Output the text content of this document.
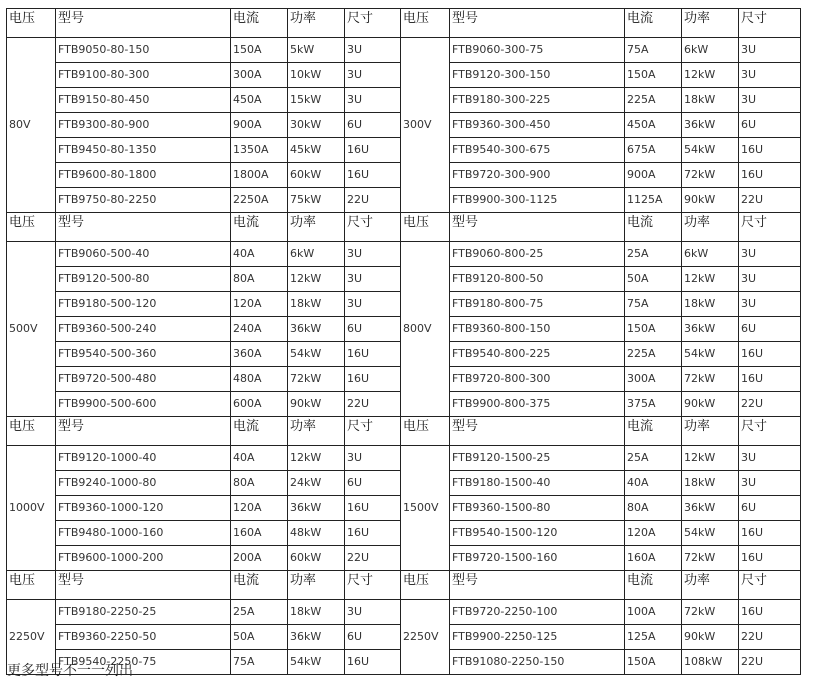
电压	型号	电流	功率	尺寸	电压	型号	电流	功率	尺寸
80V	FTB9050-80-150	150A	5kW	3U	300V	FTB9060-300-75	75A	6kW	3U
	FTB9100-80-300	300A	10kW	3U		FTB9120-300-150	150A	12kW	3U
	FTB9150-80-450	450A	15kW	3U		FTB9180-300-225	225A	18kW	3U
	FTB9300-80-900	900A	30kW	6U		FTB9360-300-450	450A	36kW	6U
	FTB9450-80-1350	1350A	45kW	16U		FTB9540-300-675	675A	54kW	16U
	FTB9600-80-1800	1800A	60kW	16U		FTB9720-300-900	900A	72kW	16U
	FTB9750-80-2250	2250A	75kW	22U		FTB9900-300-1125	1125A	90kW	22U
电压	型号	电流	功率	尺寸	电压	型号	电流	功率	尺寸
500V	FTB9060-500-40	40A	6kW	3U	800V	FTB9060-800-25	25A	6kW	3U
	FTB9120-500-80	80A	12kW	3U		FTB9120-800-50	50A	12kW	3U
	FTB9180-500-120	120A	18kW	3U		FTB9180-800-75	75A	18kW	3U
	FTB9360-500-240	240A	36kW	6U		FTB9360-800-150	150A	36kW	6U
	FTB9540-500-360	360A	54kW	16U		FTB9540-800-225	225A	54kW	16U
	FTB9720-500-480	480A	72kW	16U		FTB9720-800-300	300A	72kW	16U
	FTB9900-500-600	600A	90kW	22U		FTB9900-800-375	375A	90kW	22U
电压	型号	电流	功率	尺寸	电压	型号	电流	功率	尺寸
1000V	FTB9120-1000-40	40A	12kW	3U	1500V	FTB9120-1500-25	25A	12kW	3U
	FTB9240-1000-80	80A	24kW	6U		FTB9180-1500-40	40A	18kW	3U
	FTB9360-1000-120	120A	36kW	16U		FTB9360-1500-80	80A	36kW	6U
	FTB9480-1000-160	160A	48kW	16U		FTB9540-1500-120	120A	54kW	16U
	FTB9600-1000-200	200A	60kW	22U		FTB9720-1500-160	160A	72kW	16U
电压	型号	电流	功率	尺寸	电压	型号	电流	功率	尺寸
2250V	FTB9180-2250-25	25A	18kW	3U	2250V	FTB9720-2250-100	100A	72kW	16U
	FTB9360-2250-50	50A	36kW	6U		FTB9900-2250-125	125A	90kW	22U
	FTB9540-2250-75	75A	54kW	16U		FTB91080-2250-150	150A	108kW	22U
更多型号不一一列出
